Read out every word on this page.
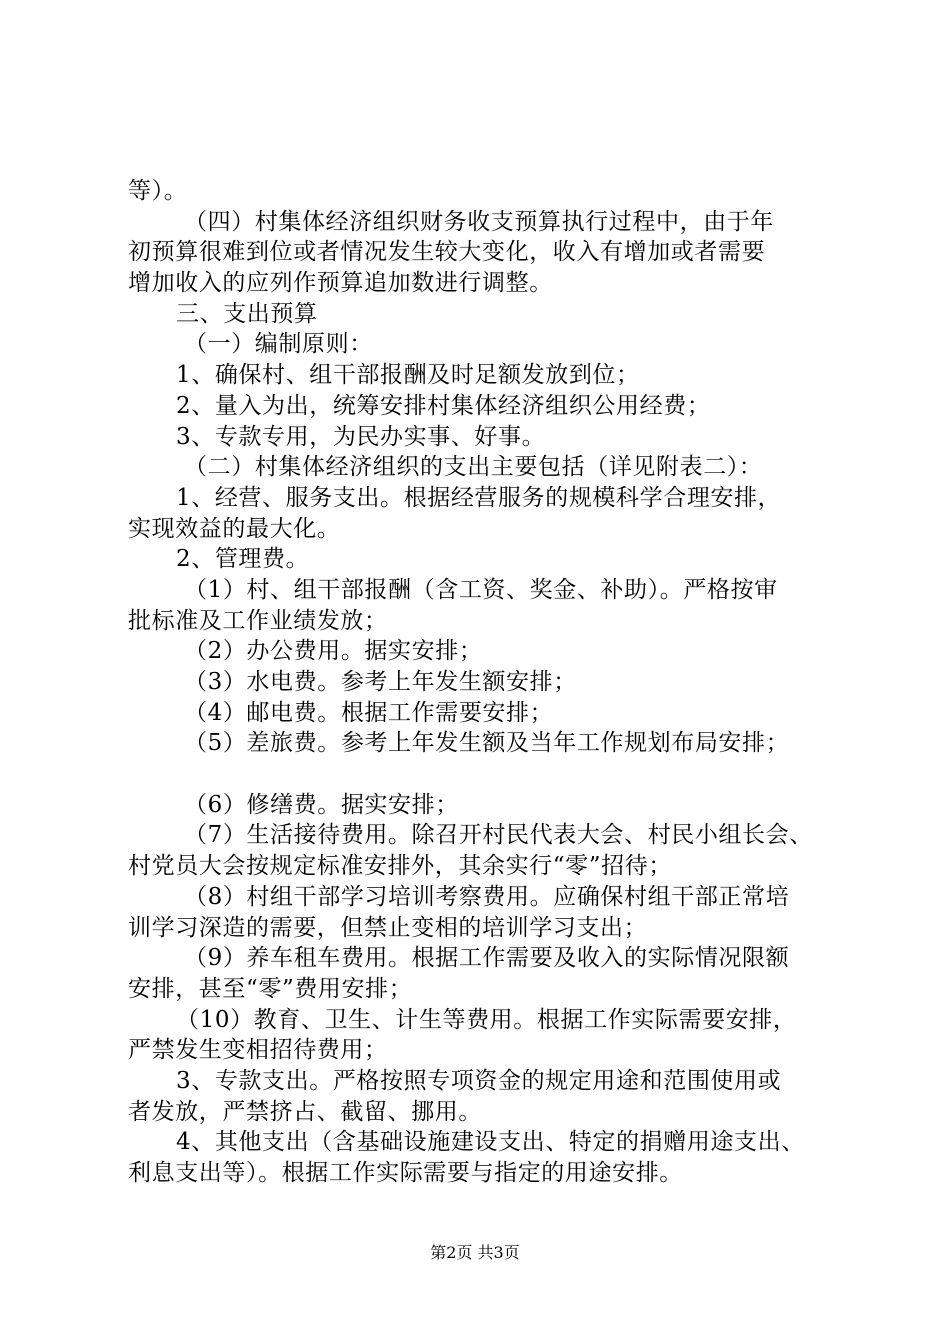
等）。
（四）村集体经济组织财务收支预算执行过程中，由于年
初预算很难到位或者情况发生较大变化，收入有增加或者需要
增加收入的应列作预算追加数进行调整。
三、支出预算
（一）编制原则：
1、确保村、组干部报酬及时足额发放到位；
2、量入为出，统筹安排村集体经济组织公用经费；
3、专款专用，为民办实事、好事。
（二）村集体经济组织的支出主要包括（详见附表二）：
1、经营、服务支出。根据经营服务的规模科学合理安排，
实现效益的最大化。
2、管理费。
（1）村、组干部报酬（含工资、奖金、补助）。严格按审
批标准及工作业绩发放；
（2）办公费用。据实安排；
（3）水电费。参考上年发生额安排；
（4）邮电费。根据工作需要安排；
（5）差旅费。参考上年发生额及当年工作规划布局安排；
（6）修缮费。据实安排；
（7）生活接待费用。除召开村民代表大会、村民小组长会、
村党员大会按规定标准安排外，其余实行“零”招待；
（8）村组干部学习培训考察费用。应确保村组干部正常培
训学习深造的需要，但禁止变相的培训学习支出；
（9）养车租车费用。根据工作需要及收入的实际情况限额
安排，甚至“零”费用安排；
（10）教育、卫生、计生等费用。根据工作实际需要安排，
严禁发生变相招待费用；
3、专款支出。严格按照专项资金的规定用途和范围使用或
者发放，严禁挤占、截留、挪用。
4、其他支出（含基础设施建设支出、特定的捐赠用途支出、
利息支出等）。根据工作实际需要与指定的用途安排。
第2页 共3页
